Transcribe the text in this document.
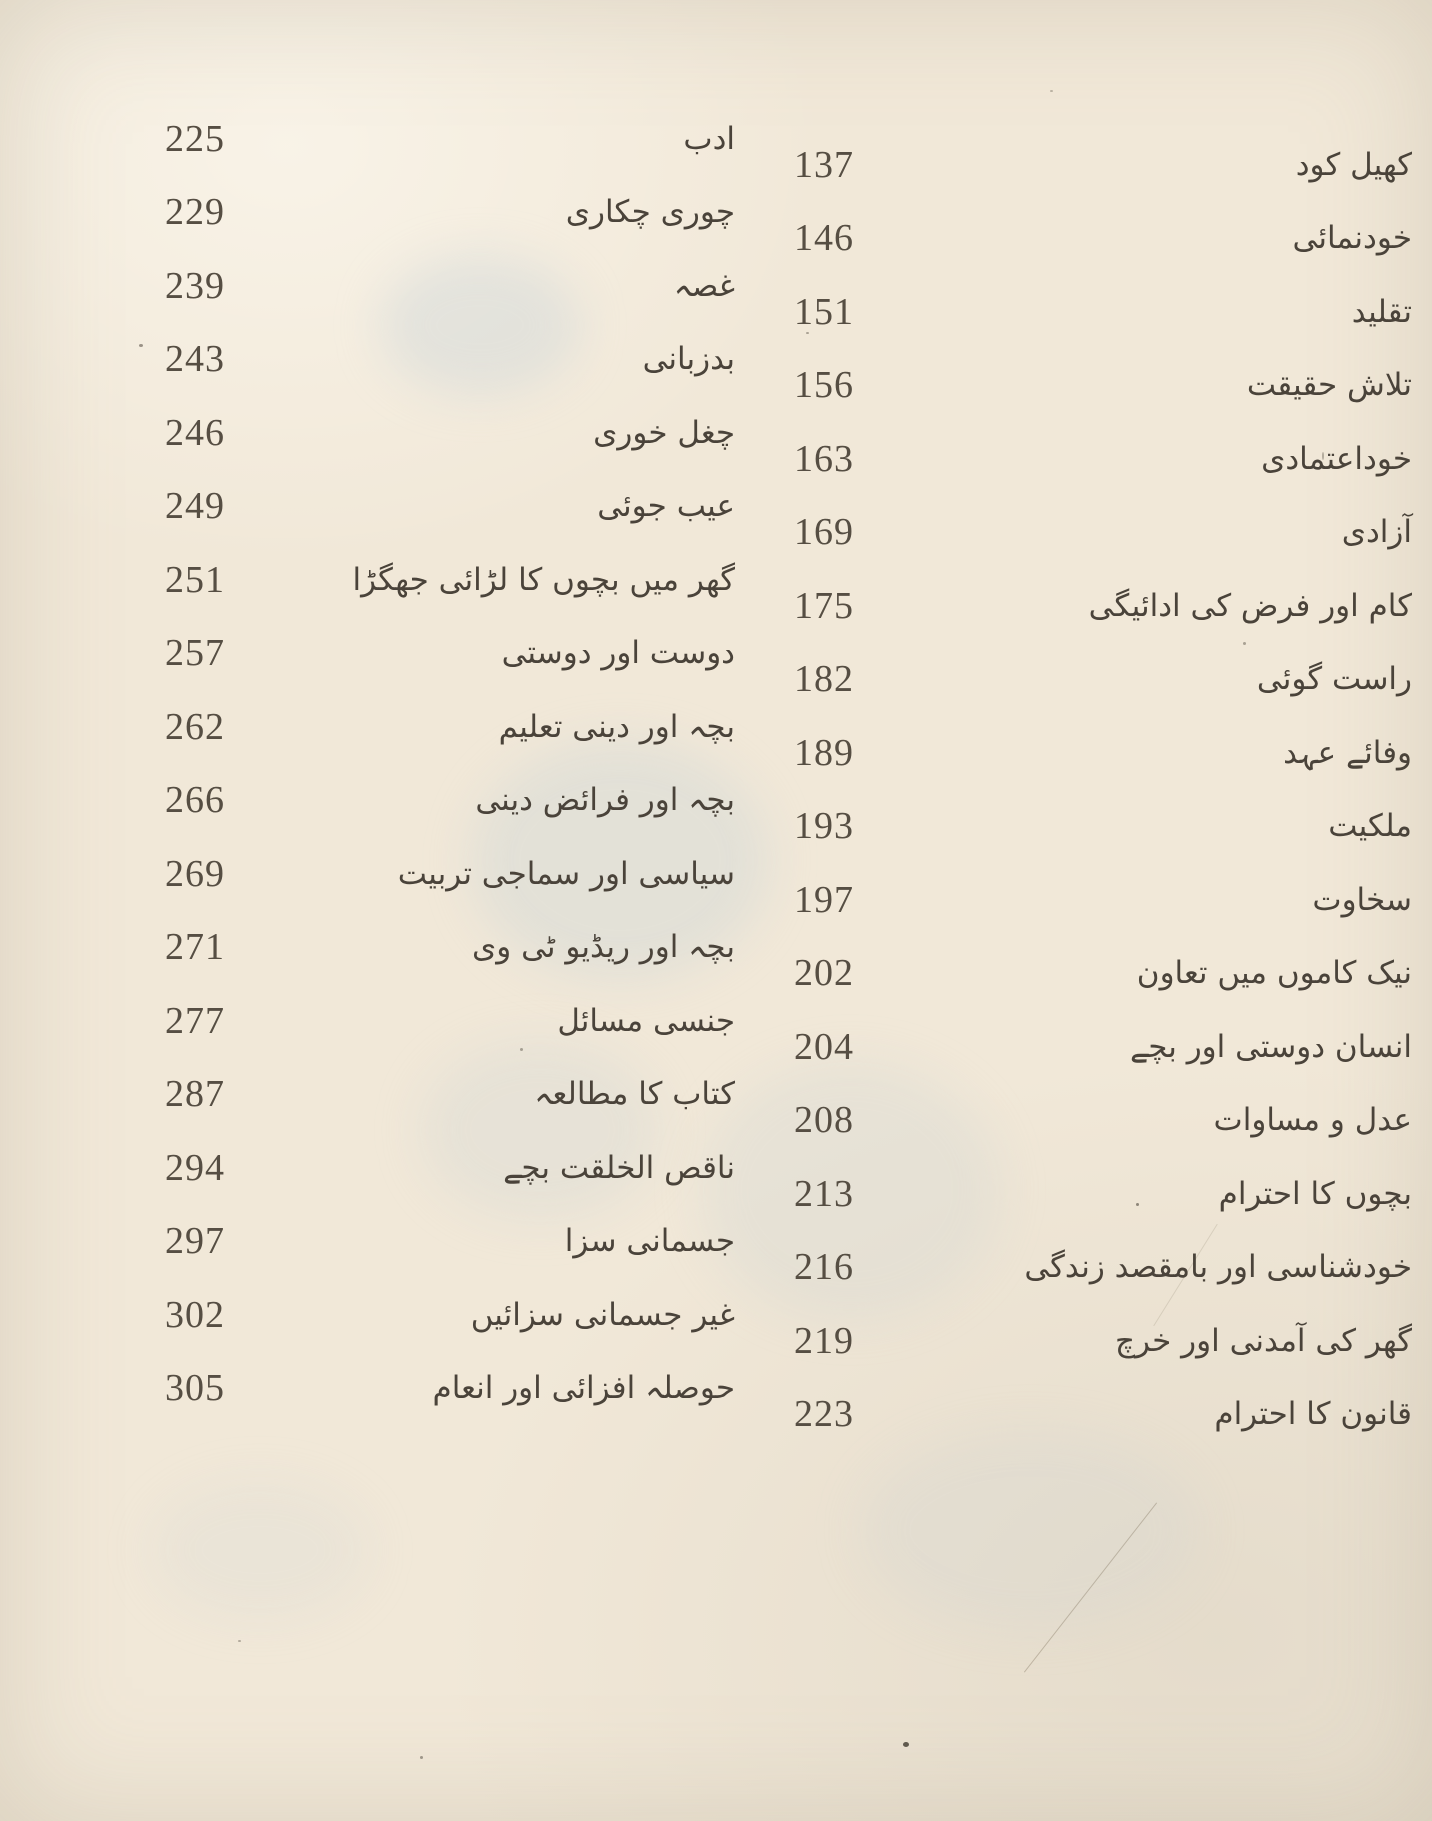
137	کھیل کود
146	خودنمائی
151	تقلید
156	تلاش حقیقت
163	خوداعتمادی
169	آزادی
175	کام اور فرض کی ادائیگی
182	راست گوئی
189	وفائے عہد
193	ملکیت
197	سخاوت
202	نیک کاموں میں تعاون
204	انسان دوستی اور بچے
208	عدل و مساوات
213	بچوں کا احترام
216	خودشناسی اور بامقصد زندگی
219	گھر کی آمدنی اور خرچ
223	قانون کا احترام
225	ادب
229	چوری چکاری
239	غصہ
243	بدزبانی
246	چغل خوری
249	عیب جوئی
251	گھر میں بچوں کا لڑائی جھگڑا
257	دوست اور دوستی
262	بچہ اور دینی تعلیم
266	بچہ اور فرائض دینی
269	سیاسی اور سماجی تربیت
271	بچہ اور ریڈیو ٹی وی
277	جنسی مسائل
287	کتاب کا مطالعہ
294	ناقص الخلقت بچے
297	جسمانی سزا
302	غیر جسمانی سزائیں
305	حوصلہ افزائی اور انعام
